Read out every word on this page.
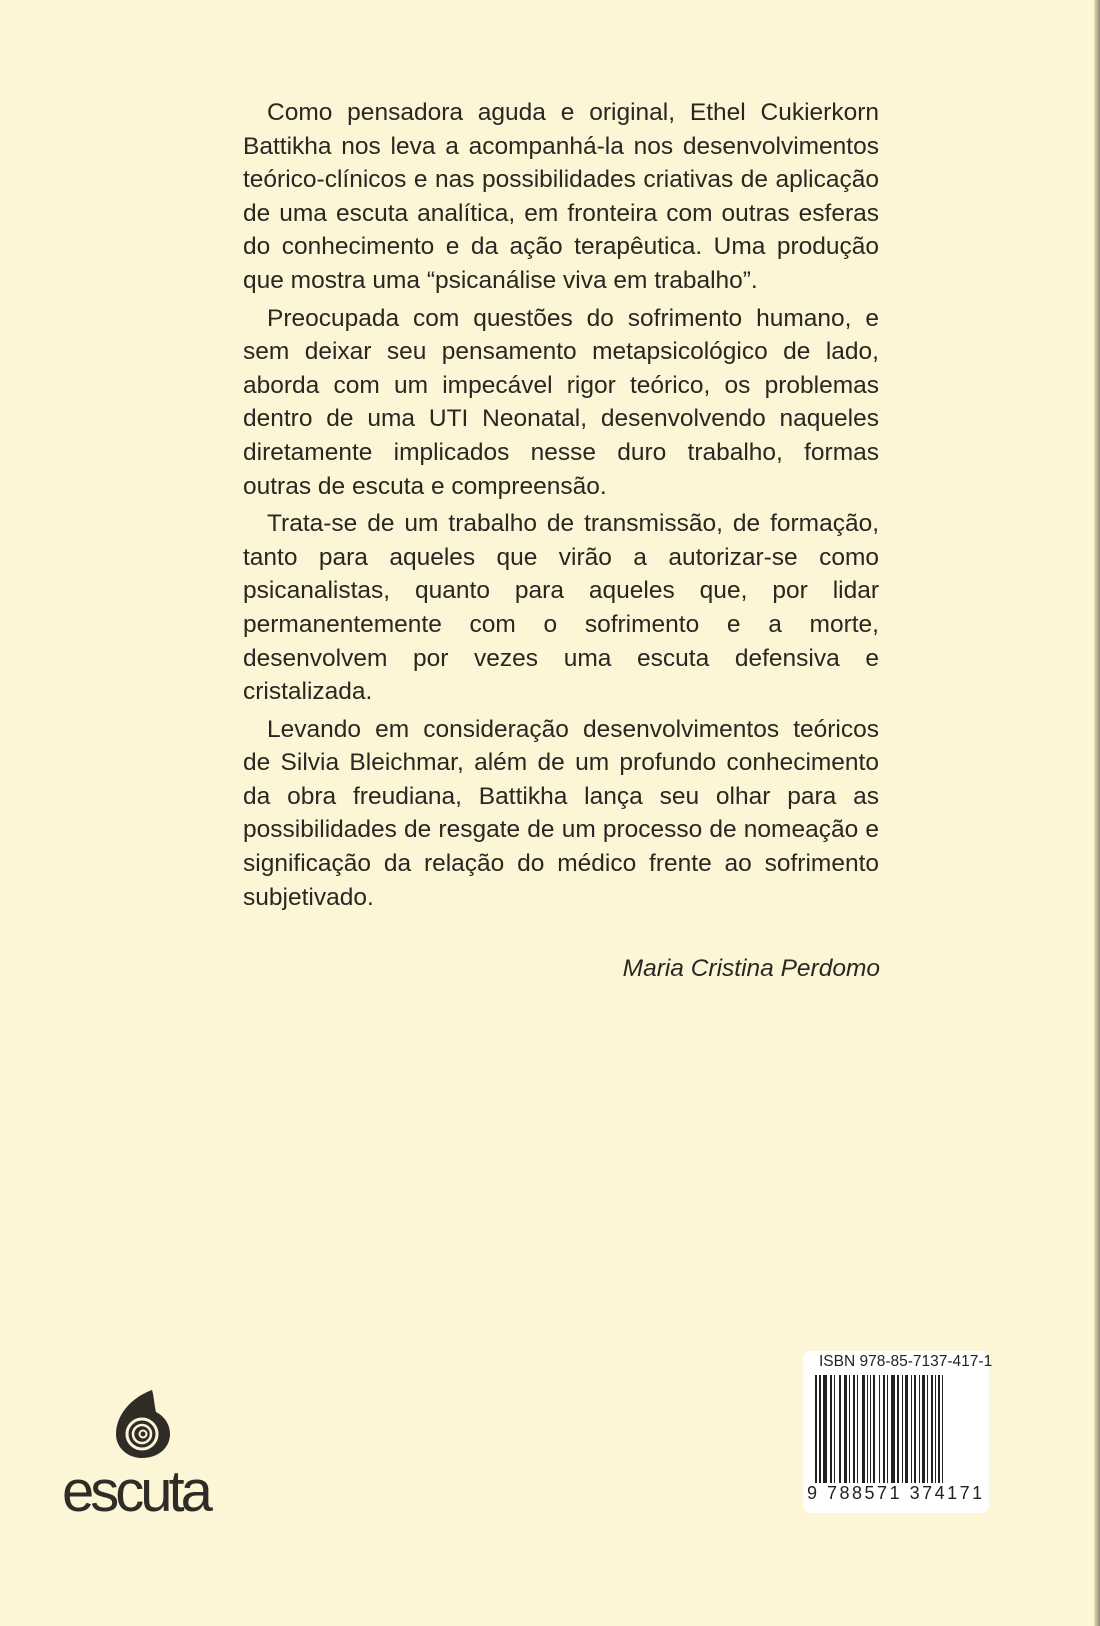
Como pensadora aguda e original, Ethel Cukierkorn Battikha nos leva a acompanhá-la nos desenvolvimentos teórico-clínicos e nas possibilidades criativas de aplicação de uma escuta analítica, em fronteira com outras esferas do conhecimento e da ação terapêutica. Uma produção que mostra uma “psicanálise viva em trabalho”.

Preocupada com questões do sofrimento humano, e sem deixar seu pensamento metapsicológico de lado, aborda com um impecável rigor teórico, os problemas dentro de uma UTI Neonatal, desenvolvendo naqueles diretamente implicados nesse duro trabalho, formas outras de escuta e compreensão.

Trata-se de um trabalho de transmissão, de formação, tanto para aqueles que virão a autorizar-se como psicanalistas, quanto para aqueles que, por lidar permanentemente com o sofrimento e a morte, desenvolvem por vezes uma escuta defensiva e cristalizada.

Levando em consideração desenvolvimentos teóricos de Silvia Bleichmar, além de um profundo conhecimento da obra freudiana, Battikha lança seu olhar para as possibilidades de resgate de um processo de nomeação e significação da relação do médico frente ao sofrimento subjetivado.

Maria Cristina Perdomo
escuta
ISBN 978-85-7137-417-1
9 788571 374171
